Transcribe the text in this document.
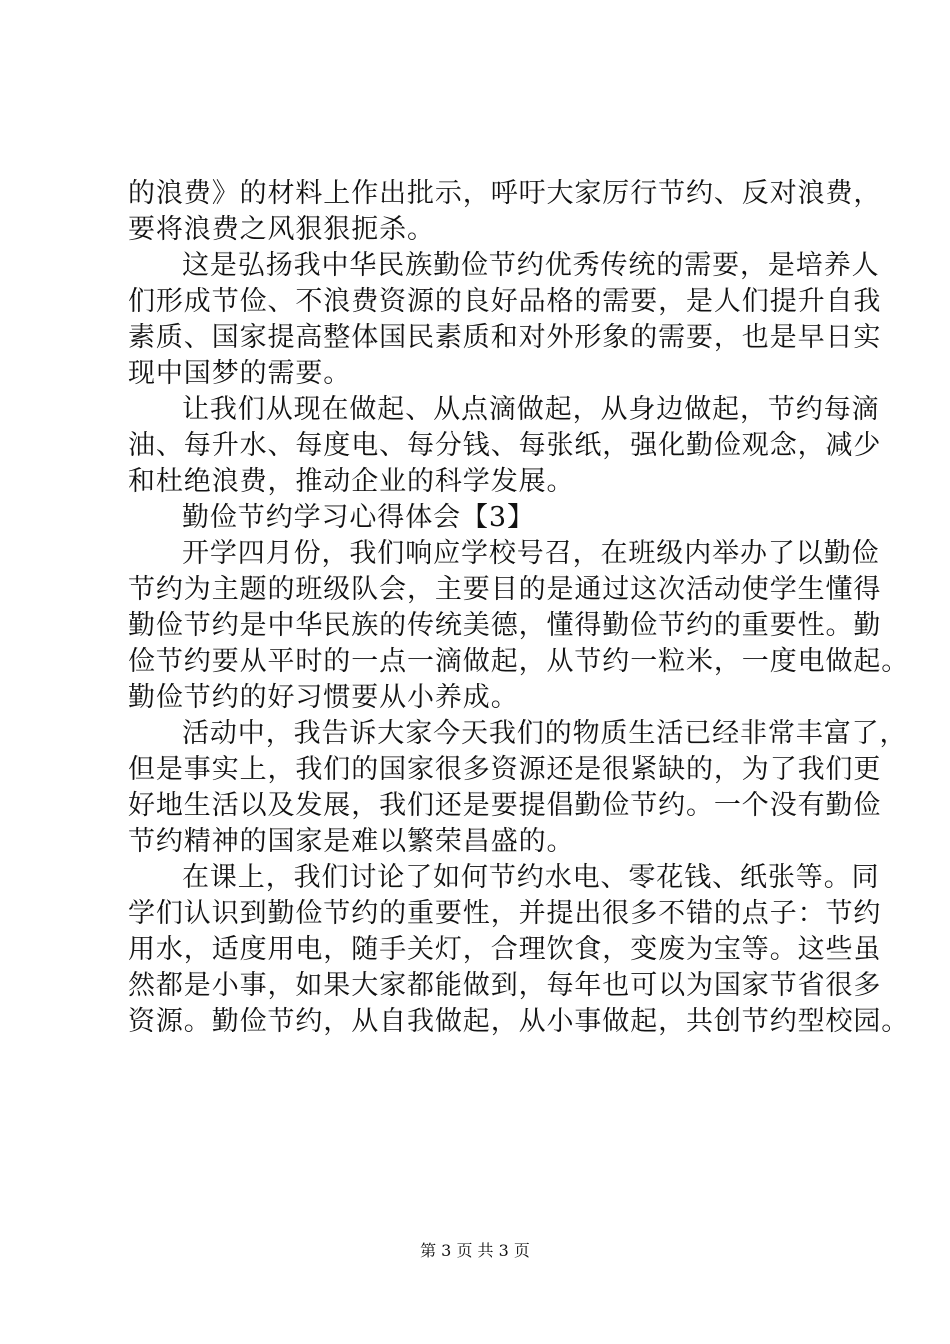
的浪费》的材料上作出批示，呼吁大家厉行节约、反对浪费，
要将浪费之风狠狠扼杀。
这是弘扬我中华民族勤俭节约优秀传统的需要，是培养人
们形成节俭、不浪费资源的良好品格的需要，是人们提升自我
素质、国家提高整体国民素质和对外形象的需要，也是早日实
现中国梦的需要。
让我们从现在做起、从点滴做起，从身边做起，节约每滴
油、每升水、每度电、每分钱、每张纸，强化勤俭观念，减少
和杜绝浪费，推动企业的科学发展。
勤俭节约学习心得体会【3】
开学四月份，我们响应学校号召，在班级内举办了以勤俭
节约为主题的班级队会，主要目的是通过这次活动使学生懂得
勤俭节约是中华民族的传统美德，懂得勤俭节约的重要性。勤
俭节约要从平时的一点一滴做起，从节约一粒米，一度电做起。
勤俭节约的好习惯要从小养成。
活动中，我告诉大家今天我们的物质生活已经非常丰富了，
但是事实上，我们的国家很多资源还是很紧缺的，为了我们更
好地生活以及发展，我们还是要提倡勤俭节约。一个没有勤俭
节约精神的国家是难以繁荣昌盛的。
在课上，我们讨论了如何节约水电、零花钱、纸张等。同
学们认识到勤俭节约的重要性，并提出很多不错的点子：节约
用水，适度用电，随手关灯，合理饮食，变废为宝等。这些虽
然都是小事，如果大家都能做到，每年也可以为国家节省很多
资源。勤俭节约，从自我做起，从小事做起，共创节约型校园。
第 3 页 共 3 页
